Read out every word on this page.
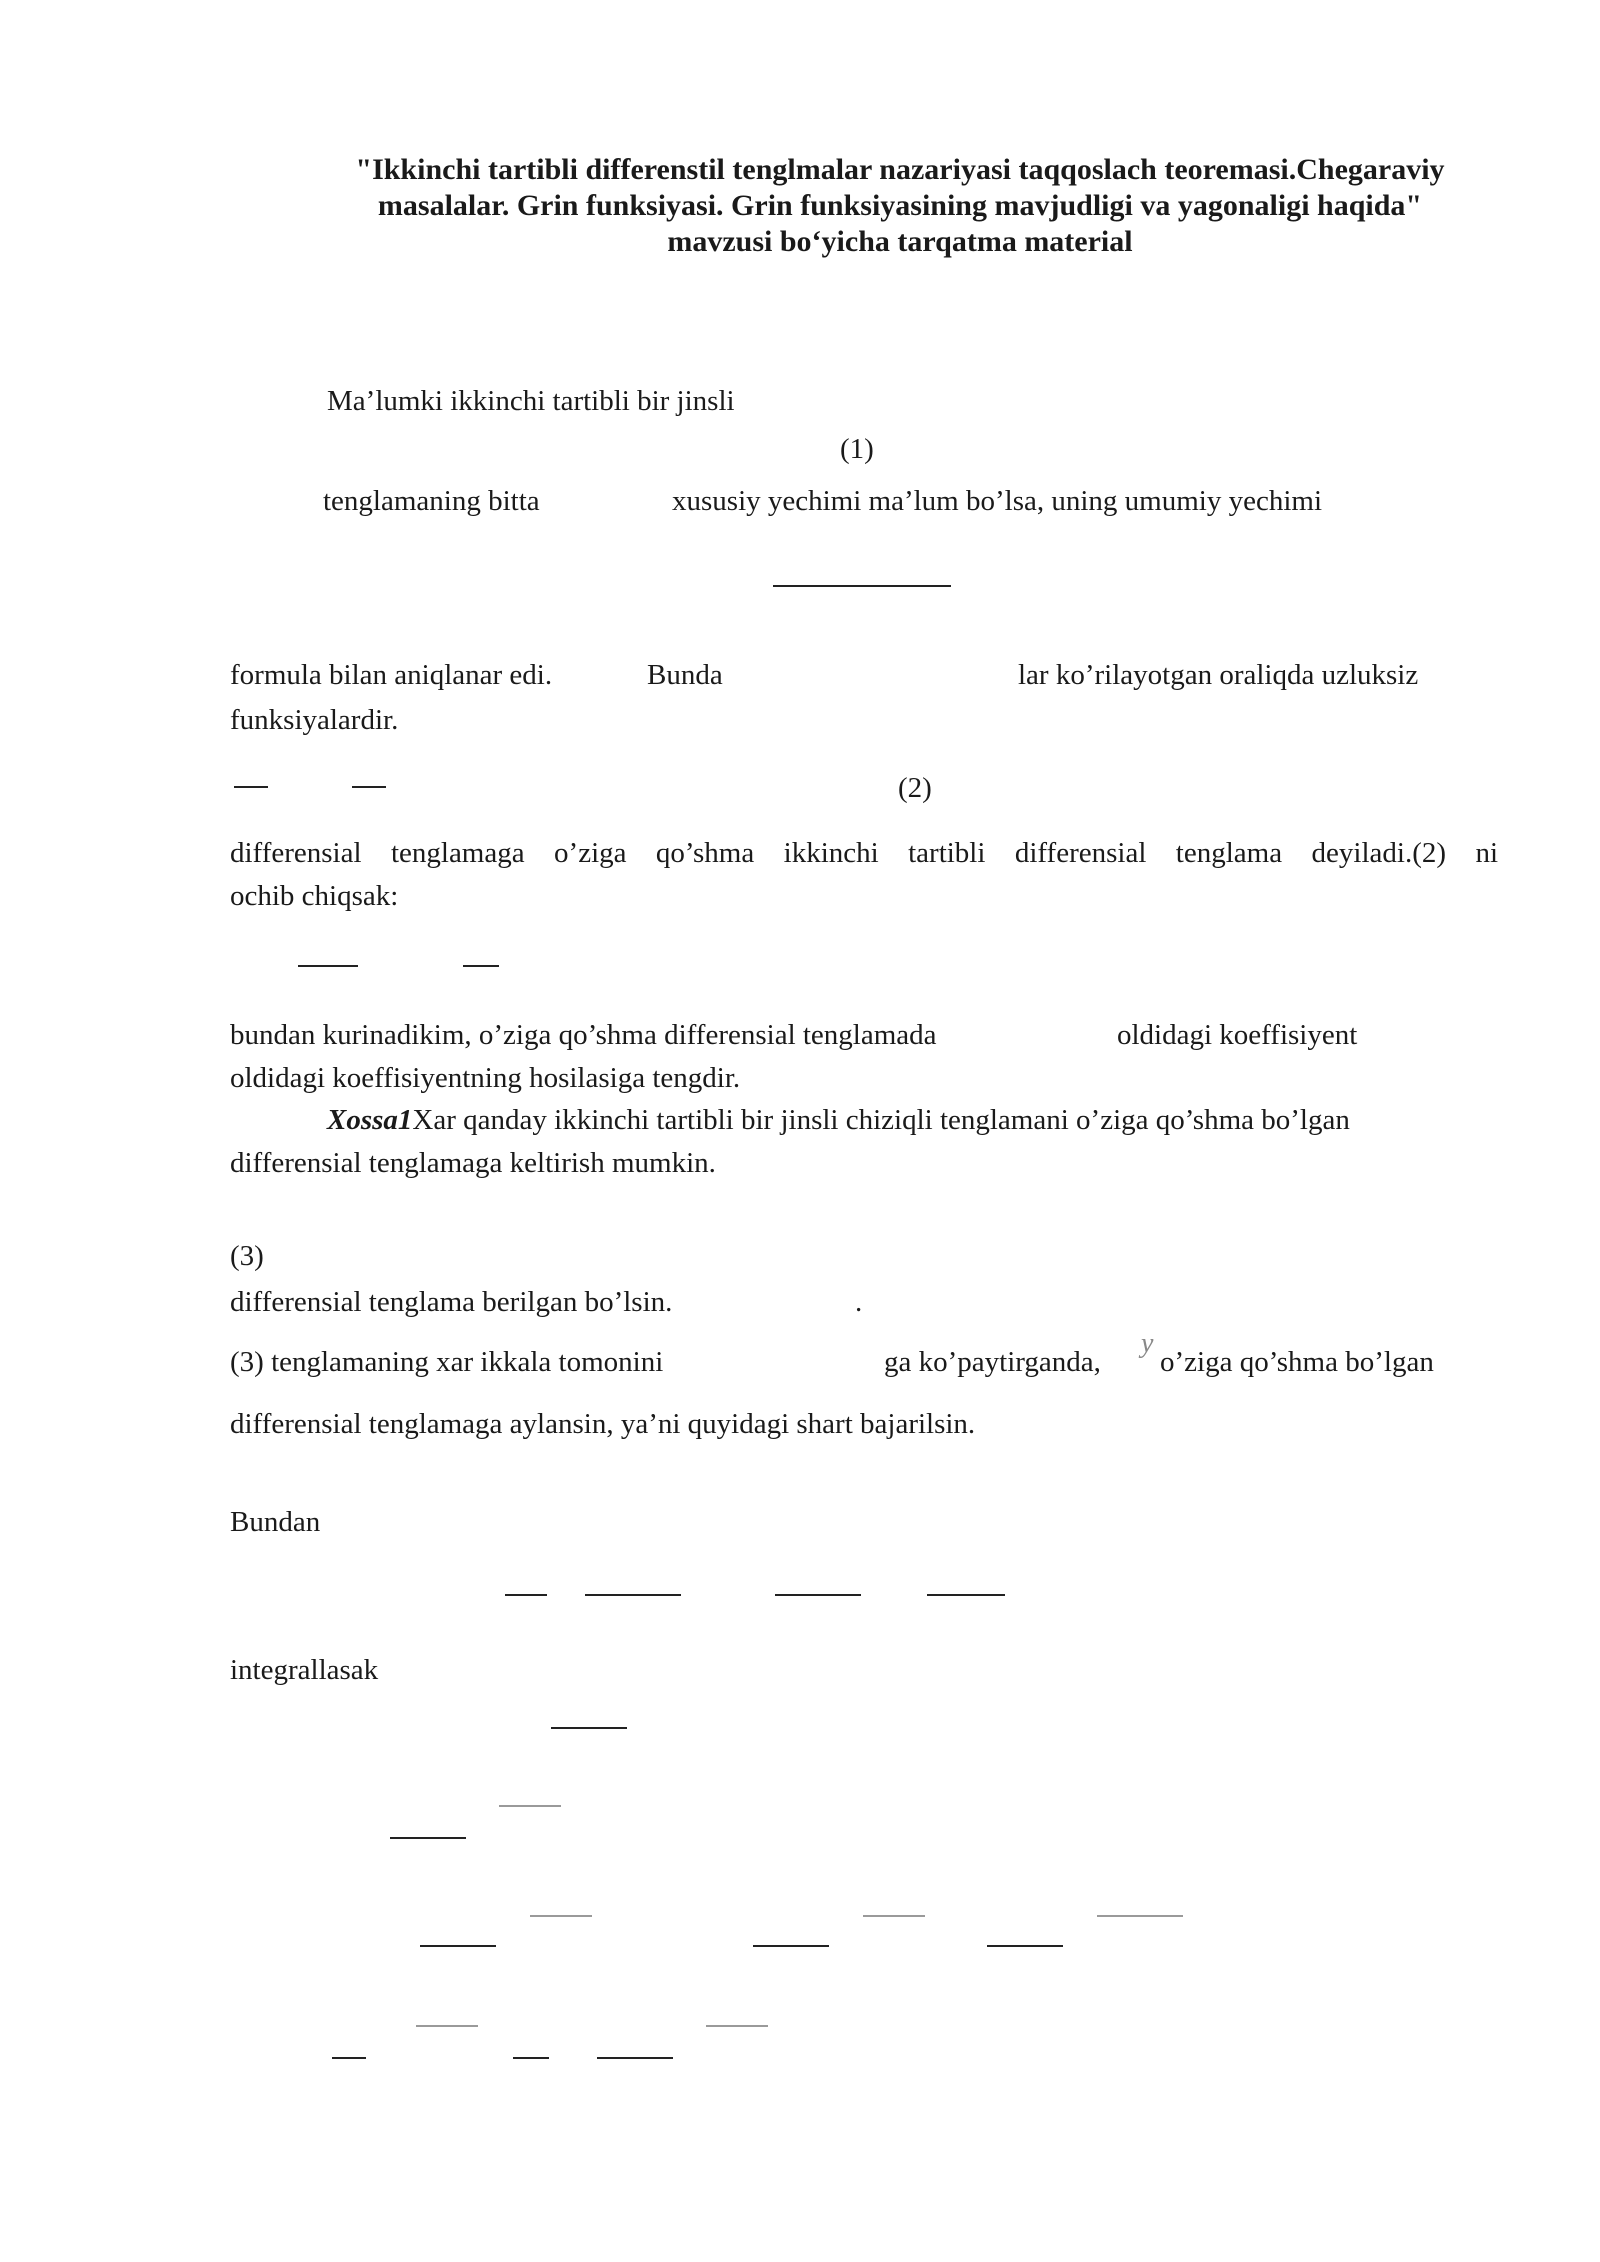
"Ikkinchi tartibli differenstil tenglmalar nazariyasi taqqoslach teoremasi.Chegaraviy
masalalar. Grin funksiyasi. Grin funksiyasining mavjudligi va yagonaligi haqida"
mavzusi bo‘yicha tarqatma material
Ma’lumki ikkinchi tartibli bir jinsli
(1)
tenglamaning bitta	xususiy yechimi ma’lum bo’lsa, uning umumiy yechimi
formula bilan aniqlanar edi.	Bunda	lar ko’rilayotgan oraliqda uzluksiz
funksiyalardir.
(2)
differensial tenglamaga o’ziga qo’shma ikkinchi tartibli differensial tenglama deyiladi.(2) ni
ochib chiqsak:
bundan kurinadikim, o’ziga qo’shma differensial tenglamada	oldidagi koeffisiyent
oldidagi koeffisiyentning hosilasiga tengdir.
Xossa1Xar qanday ikkinchi tartibli bir jinsli chiziqli tenglamani o’ziga qo’shma bo’lgan
differensial tenglamaga keltirish mumkin.
(3)
differensial tenglama berilgan bo’lsin.	.
(3) tenglamaning xar ikkala tomonini	ga ko’paytirganda,
y
o’ziga qo’shma bo’lgan
differensial tenglamaga aylansin, ya’ni quyidagi shart bajarilsin.
Bundan
integrallasak
